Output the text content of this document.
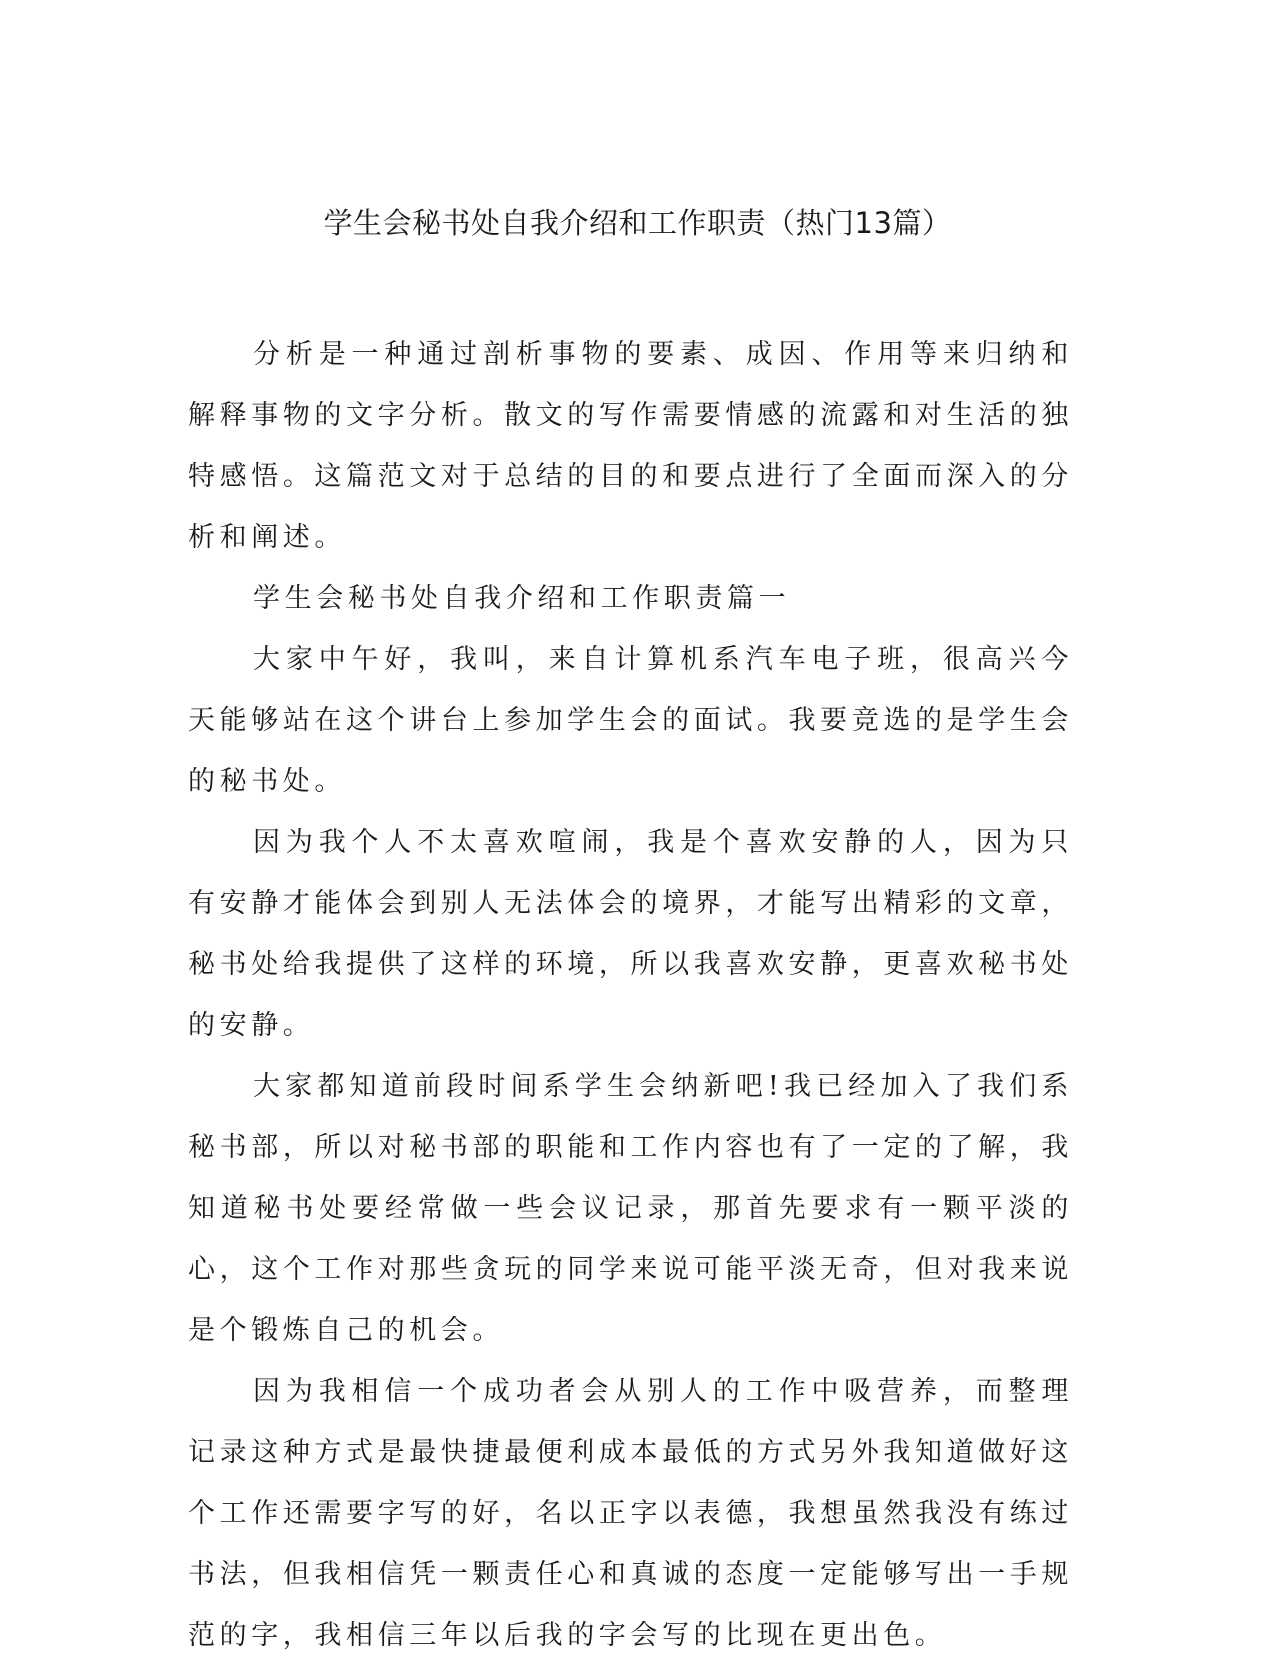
学生会秘书处自我介绍和工作职责（热门13篇）

分析是一种通过剖析事物的要素、成因、作用等来归纳和解释事物的文字分析。散文的写作需要情感的流露和对生活的独特感悟。这篇范文对于总结的目的和要点进行了全面而深入的分析和阐述。

学生会秘书处自我介绍和工作职责篇一

大家中午好，我叫，来自计算机系汽车电子班，很高兴今天能够站在这个讲台上参加学生会的面试。我要竞选的是学生会的秘书处。

因为我个人不太喜欢喧闹，我是个喜欢安静的人，因为只有安静才能体会到别人无法体会的境界，才能写出精彩的文章，秘书处给我提供了这样的环境，所以我喜欢安静，更喜欢秘书处的安静。

大家都知道前段时间系学生会纳新吧!我已经加入了我们系秘书部，所以对秘书部的职能和工作内容也有了一定的了解，我知道秘书处要经常做一些会议记录，那首先要求有一颗平淡的心，这个工作对那些贪玩的同学来说可能平淡无奇，但对我来说是个锻炼自己的机会。

因为我相信一个成功者会从别人的工作中吸营养，而整理记录这种方式是最快捷最便利成本最低的方式另外我知道做好这个工作还需要字写的好，名以正字以表德，我想虽然我没有练过书法，但我相信凭一颗责任心和真诚的态度一定能够写出一手规范的字，我相信三年以后我的字会写的比现在更出色。
